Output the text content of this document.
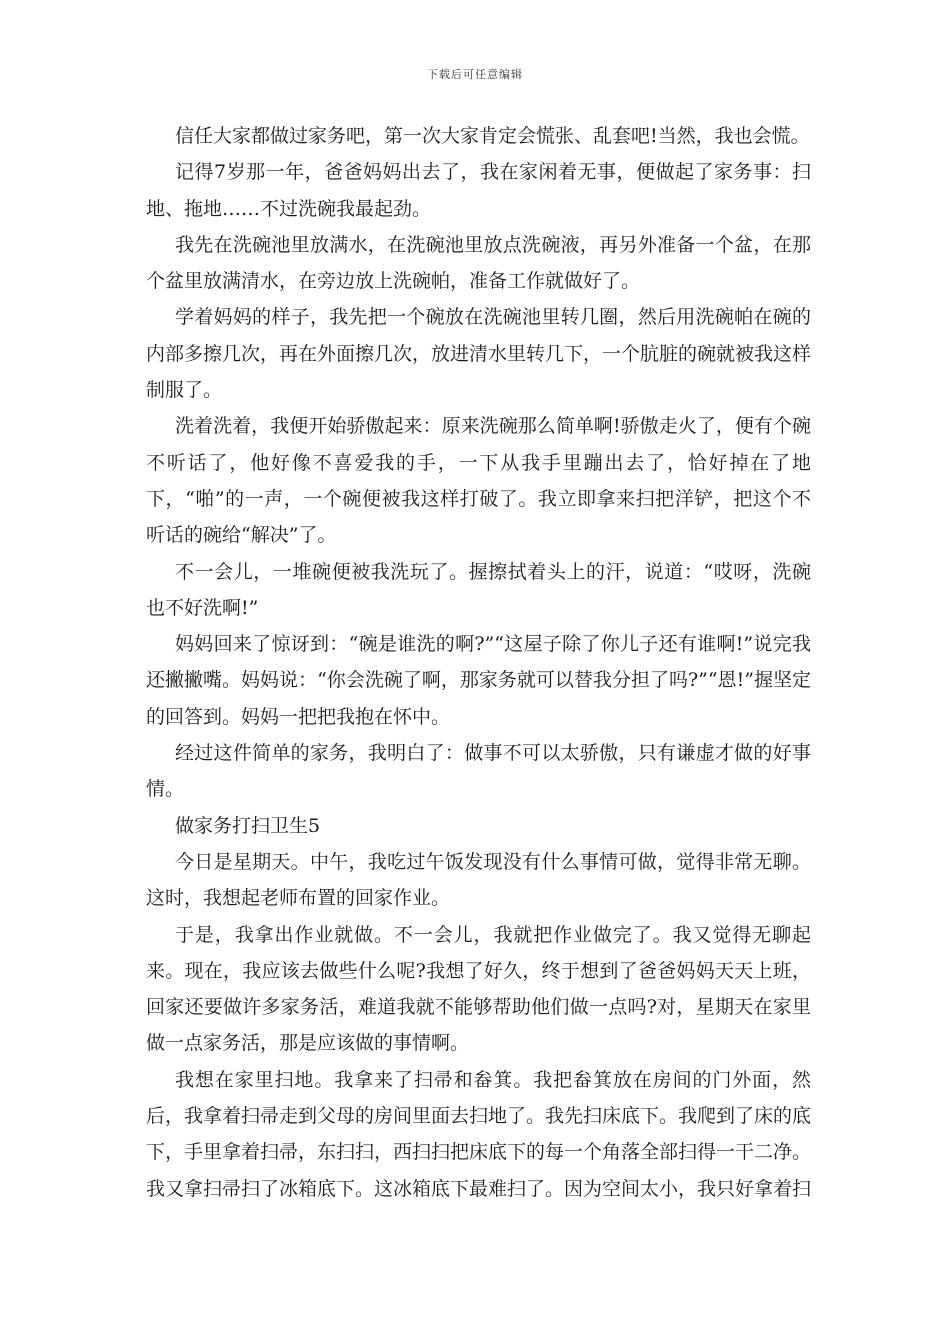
下载后可任意编辑

信任大家都做过家务吧，第一次大家肯定会慌张、乱套吧!当然，我也会慌。

记得7岁那一年，爸爸妈妈出去了，我在家闲着无事，便做起了家务事：扫地、拖地……不过洗碗我最起劲。

我先在洗碗池里放满水，在洗碗池里放点洗碗液，再另外准备一个盆，在那个盆里放满清水，在旁边放上洗碗帕，准备工作就做好了。

学着妈妈的样子，我先把一个碗放在洗碗池里转几圈，然后用洗碗帕在碗的内部多擦几次，再在外面擦几次，放进清水里转几下，一个肮脏的碗就被我这样制服了。

洗着洗着，我便开始骄傲起来：原来洗碗那么简单啊!骄傲走火了，便有个碗不听话了，他好像不喜爱我的手，一下从我手里蹦出去了，恰好掉在了地下，“啪”的一声，一个碗便被我这样打破了。我立即拿来扫把洋铲，把这个不听话的碗给“解决”了。

不一会儿，一堆碗便被我洗玩了。握擦拭着头上的汗，说道：“哎呀，洗碗也不好洗啊!”

妈妈回来了惊讶到：“碗是谁洗的啊?”“这屋子除了你儿子还有谁啊!”说完我还撇撇嘴。妈妈说：“你会洗碗了啊，那家务就可以替我分担了吗?”“恩!”握坚定的回答到。妈妈一把把我抱在怀中。

经过这件简单的家务，我明白了：做事不可以太骄傲，只有谦虚才做的好事情。

做家务打扫卫生5

今日是星期天。中午，我吃过午饭发现没有什么事情可做，觉得非常无聊。这时，我想起老师布置的回家作业。

于是，我拿出作业就做。不一会儿，我就把作业做完了。我又觉得无聊起来。现在，我应该去做些什么呢?我想了好久，终于想到了爸爸妈妈天天上班，回家还要做许多家务活，难道我就不能够帮助他们做一点吗?对，星期天在家里做一点家务活，那是应该做的事情啊。

我想在家里扫地。我拿来了扫帚和畚箕。我把畚箕放在房间的门外面，然后，我拿着扫帚走到父母的房间里面去扫地了。我先扫床底下。我爬到了床的底下，手里拿着扫帚，东扫扫，西扫扫把床底下的每一个角落全部扫得一干二净。我又拿扫帚扫了冰箱底下。这冰箱底下最难扫了。因为空间太小，我只好拿着扫
